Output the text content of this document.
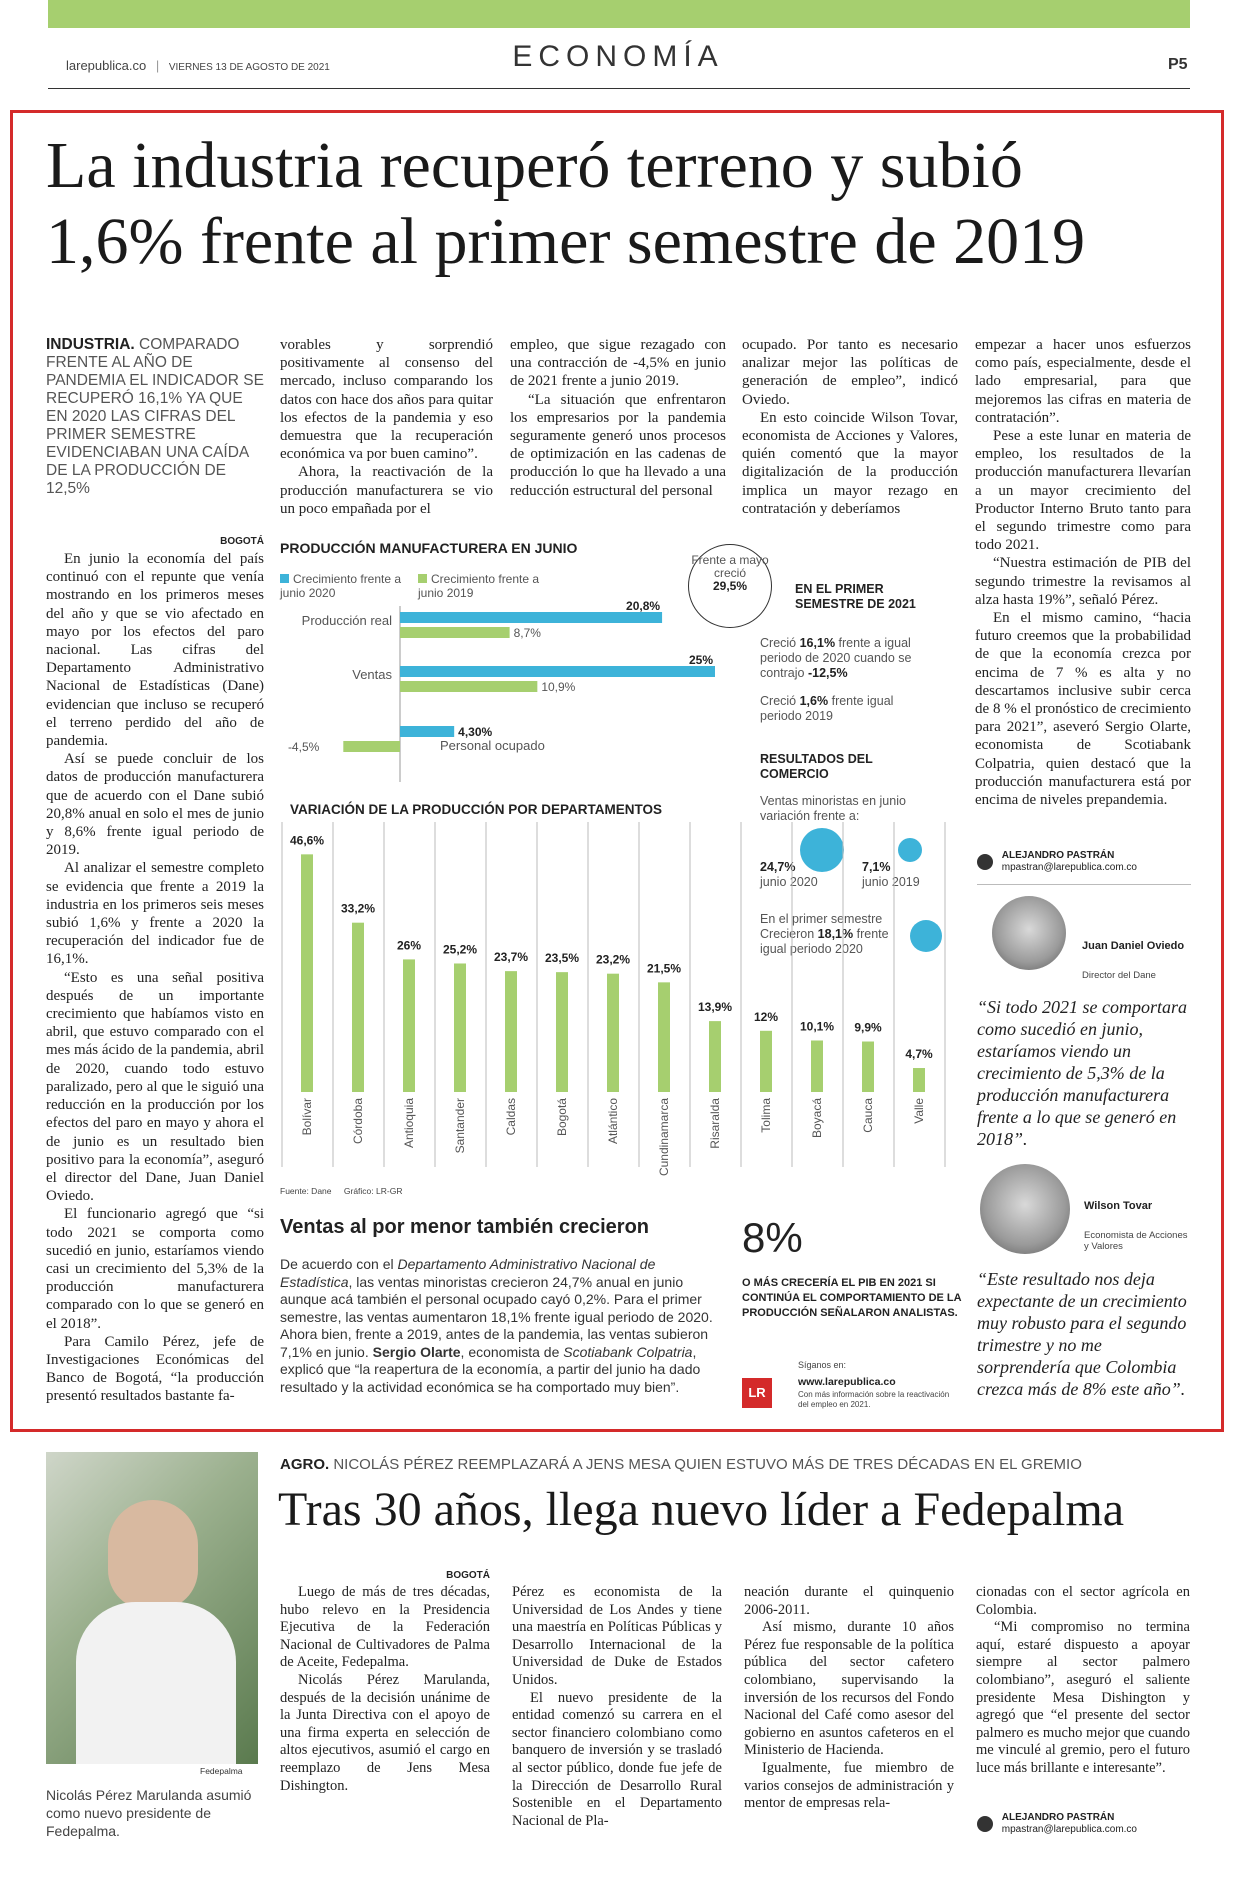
larepublica.co | VIERNES 13 DE AGOSTO DE 2021	ECONOMÍA	P5
La industria recuperó terreno y subió
1,6% frente al primer semestre de 2019
INDUSTRIA. COMPARADO FRENTE AL AÑO DE PANDEMIA EL INDICADOR SE RECUPERÓ 16,1% YA QUE EN 2020 LAS CIFRAS DEL PRIMER SEMESTRE EVIDENCIABAN UNA CAÍDA DE LA PRODUCCIÓN DE 12,5%
BOGOTÁ

En junio la economía del país continuó con el repunte que venía mostrando en los primeros meses del año y que se vio afectado en mayo por los efectos del paro nacional. Las cifras del Departamento Administrativo Nacional de Estadísticas (Dane) evidencian que incluso se recuperó el terreno perdido del año de pandemia.

Así se puede concluir de los datos de producción manufacturera que de acuerdo con el Dane subió 20,8% anual en solo el mes de junio y 8,6% frente igual periodo de 2019.

Al analizar el semestre completo se evidencia que frente a 2019 la industria en los primeros seis meses subió 1,6% y frente a 2020 la recuperación del indicador fue de 16,1%.

“Esto es una señal positiva después de un importante crecimiento que habíamos visto en abril, que estuvo comparado con el mes más ácido de la pandemia, abril de 2020, cuando todo estuvo paralizado, pero al que le siguió una reducción en la producción por los efectos del paro en mayo y ahora el de junio es un resultado bien positivo para la economía”, aseguró el director del Dane, Juan Daniel Oviedo.

El funcionario agregó que “si todo 2021 se comporta como sucedió en junio, estaríamos viendo casi un crecimiento del 5,3% de la producción manufacturera comparado con lo que se generó en el 2018”.

Para Camilo Pérez, jefe de Investigaciones Económicas del Banco de Bogotá, “la producción presentó resultados bastante fa-

vorables y sorprendió positivamente al consenso del mercado, incluso comparando los datos con hace dos años para quitar los efectos de la pandemia y eso demuestra que la recuperación económica va por buen camino”.

Ahora, la reactivación de la producción manufacturera se vio un poco empañada por el

empleo, que sigue rezagado con una contracción de -4,5% en junio de 2021 frente a junio 2019.

“La situación que enfrentaron los empresarios por la pandemia seguramente generó unos procesos de optimización en las cadenas de producción lo que ha llevado a una reducción estructural del personal

ocupado. Por tanto es necesario analizar mejor las políticas de generación de empleo”, indicó Oviedo.

En esto coincide Wilson Tovar, economista de Acciones y Valores, quién comentó que la mayor digitalización de la producción implica un mayor rezago en contratación y deberíamos

empezar a hacer unos esfuerzos como país, especialmente, desde el lado empresarial, para que mejoremos las cifras en materia de contratación”.

Pese a este lunar en materia de empleo, los resultados de la producción manufacturera llevarían a un mayor crecimiento del Productor Interno Bruto tanto para el segundo trimestre como para todo 2021.

“Nuestra estimación de PIB del segundo trimestre la revisamos al alza hasta 19%”, señaló Pérez.

En el mismo camino, “hacia futuro creemos que la probabilidad de que la economía crezca por encima de 7 % es alta y no descartamos inclusive subir cerca de 8 % el pronóstico de crecimiento para 2021”, aseveró Sergio Olarte, economista de Scotiabank Colpatria, quien destacó que la producción manufacturera está por encima de niveles prepandemia.

ALEJANDRO PASTRÁN
mpastran@larepublica.com.co
Juan Daniel Oviedo
Director del Dane
“Si todo 2021 se comportara como sucedió en junio, estaríamos viendo un crecimiento de 5,3% de la producción manufacturera frente a lo que se generó en 2018”.
Wilson Tovar
Economista de Acciones y Valores
“Este resultado nos deja expectante de un crecimiento muy robusto para el segundo trimestre y no me sorprendería que Colombia crezca más de 8% este año”.
PRODUCCIÓN MANUFACTURERA EN JUNIO
Crecimiento frente a junio 2020
Crecimiento frente a junio 2019
20,8%
8,7%
Producción real
25%
10,9%
Ventas
4,30%
-4,5%	Personal ocupado
Frente a mayo creció
29,5%	EN EL PRIMER SEMESTRE DE 2021
Creció 16,1% frente a igual periodo de 2020 cuando se contrajo -12,5%
Creció 1,6% frente igual periodo 2019
RESULTADOS DEL COMERCIO
Ventas minoristas en junio variación frente a:
24,7%
junio 2020
7,1%
junio 2019
En el primer semestre Crecieron 18,1% frente igual periodo 2020
VARIACIÓN DE LA PRODUCCIÓN POR DEPARTAMENTOS
46,6%
Bolívar
33,2%
Córdoba
26%
Antioquia
25,2%
Santander
23,7%
Caldas
23,5%
Bogotá
23,2%
Atlántico
21,5%
Cundinamarca
13,9%
Risaralda
12%
Tolima
10,1%
Boyacá
9,9%
Cauca
4,7%
Valle
Fuente: Dane Gráfico: LR-GR
Ventas al por menor también crecieron
De acuerdo con el Departamento Administrativo Nacional de Estadística, las ventas minoristas crecieron 24,7% anual en junio aunque acá también el personal ocupado cayó 0,2%. Para el primer semestre, las ventas aumentaron 18,1% frente igual periodo de 2020. Ahora bien, frente a 2019, antes de la pandemia, las ventas subieron 7,1% en junio. Sergio Olarte, economista de Scotiabank Colpatria, explicó que “la reapertura de la economía, a partir del junio ha dado resultado y la actividad económica se ha comportado muy bien”.
8%
O MÁS CRECERÍA EL PIB EN 2021 SI CONTINÚA EL COMPORTAMIENTO DE LA PRODUCCIÓN SEÑALARON ANALISTAS.
Síganos en:
LR
www.larepublica.co
Con más información sobre la reactivación del empleo en 2021.
Fedepalma
Nicolás Pérez Marulanda asumió como nuevo presidente de Fedepalma.
AGRO. NICOLÁS PÉREZ REEMPLAZARÁ A JENS MESA QUIEN ESTUVO MÁS DE TRES DÉCADAS EN EL GREMIO
Tras 30 años, llega nuevo líder a Fedepalma
BOGOTÁ

Luego de más de tres décadas, hubo relevo en la Presidencia Ejecutiva de la Federación Nacional de Cultivadores de Palma de Aceite, Fedepalma.

Nicolás Pérez Marulanda, después de la decisión unánime de la Junta Directiva con el apoyo de una firma experta en selección de altos ejecutivos, asumió el cargo en reemplazo de Jens Mesa Dishington.

Pérez es economista de la Universidad de Los Andes y tiene una maestría en Políticas Públicas y Desarrollo Internacional de la Universidad de Duke de Estados Unidos.

El nuevo presidente de la entidad comenzó su carrera en el sector financiero colombiano como banquero de inversión y se trasladó al sector público, donde fue jefe de la Dirección de Desarrollo Rural Sostenible en el Departamento Nacional de Pla-

neación durante el quinquenio 2006-2011.

Así mismo, durante 10 años Pérez fue responsable de la política pública del sector cafetero colombiano, supervisando la inversión de los recursos del Fondo Nacional del Café como asesor del gobierno en asuntos cafeteros en el Ministerio de Hacienda.

Igualmente, fue miembro de varios consejos de administración y mentor de empresas rela-

cionadas con el sector agrícola en Colombia.

“Mi compromiso no termina aquí, estaré dispuesto a apoyar siempre al sector palmero colombiano”, aseguró el saliente presidente Mesa Dishington y agregó que “el presente del sector palmero es mucho mejor que cuando me vinculé al gremio, pero el futuro luce más brillante e interesante”.

ALEJANDRO PASTRÁN
mpastran@larepublica.com.co
